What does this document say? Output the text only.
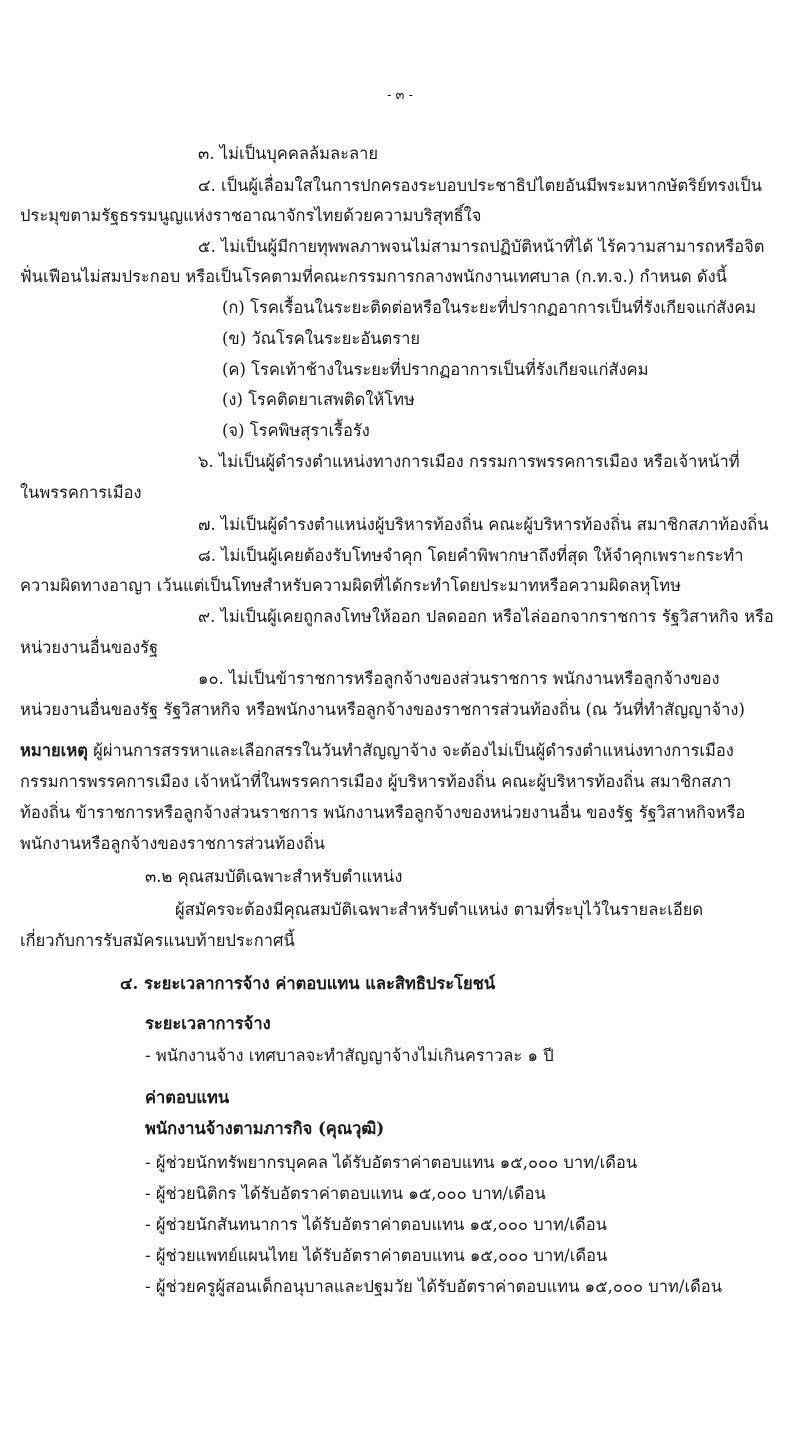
- ๓ -
๓. ไม่เป็นบุคคลล้มละลาย
๔. เป็นผู้เลื่อมใสในการปกครองระบอบประชาธิปไตยอันมีพระมหากษัตริย์ทรงเป็น
ประมุขตามรัฐธรรมนูญแห่งราชอาณาจักรไทยด้วยความบริสุทธิ์ใจ
๕. ไม่เป็นผู้มีกายทุพพลภาพจนไม่สามารถปฏิบัติหน้าที่ได้ ไร้ความสามารถหรือจิต
ฟั่นเฟือนไม่สมประกอบ หรือเป็นโรคตามที่คณะกรรมการกลางพนักงานเทศบาล (ก.ท.จ.) กำหนด ดังนี้
(ก) โรคเรื้อนในระยะติดต่อหรือในระยะที่ปรากฏอาการเป็นที่รังเกียจแก่สังคม
(ข) วัณโรคในระยะอันตราย
(ค) โรคเท้าช้างในระยะที่ปรากฏอาการเป็นที่รังเกียจแก่สังคม
(ง) โรคติดยาเสพติดให้โทษ
(จ) โรคพิษสุราเรื้อรัง
๖. ไม่เป็นผู้ดำรงตำแหน่งทางการเมือง กรรมการพรรคการเมือง หรือเจ้าหน้าที่
ในพรรคการเมือง
๗. ไม่เป็นผู้ดำรงตำแหน่งผู้บริหารท้องถิ่น คณะผู้บริหารท้องถิ่น สมาชิกสภาท้องถิ่น
๘. ไม่เป็นผู้เคยต้องรับโทษจำคุก โดยคำพิพากษาถึงที่สุด ให้จำคุกเพราะกระทำ
ความผิดทางอาญา เว้นแต่เป็นโทษสำหรับความผิดที่ได้กระทำโดยประมาทหรือความผิดลหุโทษ
๙. ไม่เป็นผู้เคยถูกลงโทษให้ออก ปลดออก หรือไล่ออกจากราชการ รัฐวิสาหกิจ หรือ
หน่วยงานอื่นของรัฐ
๑๐. ไม่เป็นข้าราชการหรือลูกจ้างของส่วนราชการ พนักงานหรือลูกจ้างของ
หน่วยงานอื่นของรัฐ รัฐวิสาหกิจ หรือพนักงานหรือลูกจ้างของราชการส่วนท้องถิ่น (ณ วันที่ทำสัญญาจ้าง)
หมายเหตุ ผู้ผ่านการสรรหาและเลือกสรรในวันทำสัญญาจ้าง จะต้องไม่เป็นผู้ดำรงตำแหน่งทางการเมือง
กรรมการพรรคการเมือง เจ้าหน้าที่ในพรรคการเมือง ผู้บริหารท้องถิ่น คณะผู้บริหารท้องถิ่น สมาชิกสภา
ท้องถิ่น ข้าราชการหรือลูกจ้างส่วนราชการ พนักงานหรือลูกจ้างของหน่วยงานอื่น ของรัฐ รัฐวิสาหกิจหรือ
พนักงานหรือลูกจ้างของราชการส่วนท้องถิ่น
๓.๒ คุณสมบัติเฉพาะสำหรับตำแหน่ง
ผู้สมัครจะต้องมีคุณสมบัติเฉพาะสำหรับตำแหน่ง ตามที่ระบุไว้ในรายละเอียด
เกี่ยวกับการรับสมัครแนบท้ายประกาศนี้
๔. ระยะเวลาการจ้าง ค่าตอบแทน และสิทธิประโยชน์
ระยะเวลาการจ้าง
- พนักงานจ้าง เทศบาลจะทำสัญญาจ้างไม่เกินคราวละ ๑ ปี
ค่าตอบแทน
พนักงานจ้างตามภารกิจ (คุณวุฒิ)
- ผู้ช่วยนักทรัพยากรบุคคล ได้รับอัตราค่าตอบแทน ๑๕,๐๐๐ บาท/เดือน
- ผู้ช่วยนิติกร ได้รับอัตราค่าตอบแทน ๑๕,๐๐๐ บาท/เดือน
- ผู้ช่วยนักสันทนาการ ได้รับอัตราค่าตอบแทน ๑๕,๐๐๐ บาท/เดือน
- ผู้ช่วยแพทย์แผนไทย ได้รับอัตราค่าตอบแทน ๑๕,๐๐๐ บาท/เดือน
- ผู้ช่วยครูผู้สอนเด็กอนุบาลและปฐมวัย ได้รับอัตราค่าตอบแทน ๑๕,๐๐๐ บาท/เดือน
